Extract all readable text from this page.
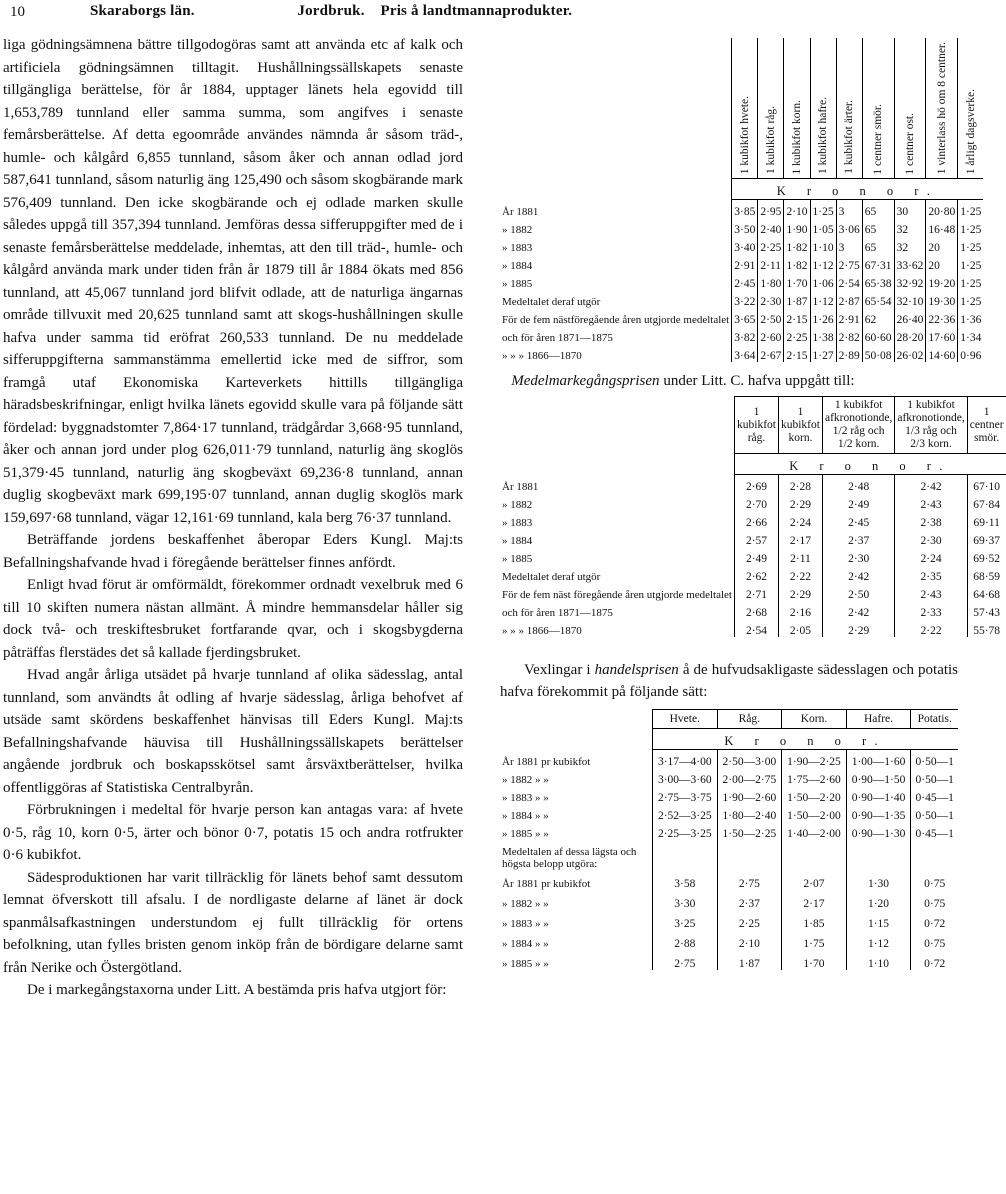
10	Skaraborgs län.	Jordbruk. Pris å landtmannaprodukter.

liga gödningsämnena bättre tillgodogöras samt att använda etc af kalk och artificiela gödningsämnen tilltagit. Hushållningssällskapets senaste tillgängliga berättelse, för år 1884, upptager länets hela egovidd till 1,653,789 tunnland eller samma summa, som angifves i senaste femårsberättelse. Af detta egoområde användes nämnda år såsom träd-, humle- och kålgård 6,855 tunnland, såsom åker och annan odlad jord 587,641 tunnland, såsom naturlig äng 125,490 och såsom skogbärande mark 576,409 tunnland. Den icke skogbärande och ej odlade marken skulle således uppgå till 357,394 tunnland. Jemföras dessa sifferuppgifter med de i senaste femårsberättelse meddelade, inhemtas, att den till träd-, humle- och kålgård använda mark under tiden från år 1879 till år 1884 ökats med 856 tunnland, att 45,067 tunnland jord blifvit odlade, att de naturliga ängarnas område tillvuxit med 20,625 tunnland samt att skogs-hushållningen skulle hafva under samma tid eröfrat 260,533 tunnland. De nu meddelade sifferuppgifterna sammanstämma emellertid icke med de siffror, som framgå utaf Ekonomiska Karteverkets hittills tillgängliga häradsbeskrifningar, enligt hvilka länets egovidd skulle vara på följande sätt fördelad: byggnadstomter 7,864·17 tunnland, trädgårdar 3,668·95 tunnland, åker och annan jord under plog 626,011·79 tunnland, naturlig äng skoglös 51,379·45 tunnland, naturlig äng skogbeväxt 69,236·8 tunnland, annan duglig skogbeväxt mark 699,195·07 tunnland, annan duglig skoglös mark 159,697·68 tunnland, vägar 12,161·69 tunnland, kala berg 76·37 tunnland.

Beträffande jordens beskaffenhet åberopar Eders Kungl. Maj:ts Befallningshafvande hvad i föregående berättelser finnes anfördt.

Enligt hvad förut är omförmäldt, förekommer ordnadt vexelbruk med 6 till 10 skiften numera nästan allmänt. Å mindre hemmansdelar håller sig dock två- och treskiftesbruket fortfarande qvar, och i skogsbygderna påträffas flerstädes det så kallade fjerdingsbruket.

Hvad angår årliga utsädet på hvarje tunnland af olika sädesslag, antal tunnland, som användts åt odling af hvarje sädesslag, årliga behofvet af utsäde samt skördens beskaffenhet hänvisas till Eders Kungl. Maj:ts Befallningshafvande häuvisa till Hushållningssällskapets berättelser angående jordbruk och boskapsskötsel samt årsväxtberättelser, hvilka offentliggöras af Statistiska Centralbyrån.

Förbrukningen i medeltal för hvarje person kan antagas vara: af hvete 0·5, råg 10, korn 0·5, ärter och bönor 0·7, potatis 15 och andra rotfrukter 0·6 kubikfot.

Sädesproduktionen har varit tillräcklig för länets behof samt dessutom lemnat öfverskott till afsalu. I de nordligaste delarne af länet är dock spanmålsafkastningen understundom ej fullt tillräcklig för ortens befolkning, utan fylles bristen genom inköp från de bördigare delarne samt från Nerike och Östergötland.

De i markegångstaxorna under Litt. A bestämda pris hafva utgjort för:

	1 kubikfot hvete.	1 kubikfot råg.	1 kubikfot korn.	1 kubikfot hafre.	1 kubikfot ärter.	1 centner smör.	1 centner ost.	1 vinterlass hö om 8 centner.	1 årligt dagsverke.

	K r o n o r.								
År 1881	3·85	2·95	2·10	1·25	3	65	30	20·80	1·25
» 1882	3·50	2·40	1·90	1·05	3·06	65	32	16·48	1·25
» 1883	3·40	2·25	1·82	1·10	3	65	32	20	1·25
» 1884	2·91	2·11	1·82	1·12	2·75	67·31	33·62	20	1·25
» 1885	2·45	1·80	1·70	1·06	2·54	65·38	32·92	19·20	1·25
Medeltalet deraf utgör	3·22	2·30	1·87	1·12	2·87	65·54	32·10	19·30	1·25
För de fem nästföregående åren utgjorde medeltalet	3·65	2·50	2·15	1·26	2·91	62	26·40	22·36	1·36
och för åren 1871—1875	3·82	2·60	2·25	1·38	2·82	60·60	28·20	17·60	1·34
» » » 1866—1870	3·64	2·67	2·15	1·27	2·89	50·08	26·02	14·60	0·96

Medelmarkegångsprisen under Litt. C. hafva uppgått till:

	1 kubikfot råg.	1 kubikfot korn.	1 kubikfot afkronotionde, 1/2 råg och 1/2 korn.	1 kubikfot afkronotionde, 1/3 råg och 2/3 korn.	1 centner smör.
	K r o n o r.				
År 1881	2·69	2·28	2·48	2·42	67·10
» 1882	2·70	2·29	2·49	2·43	67·84
» 1883	2·66	2·24	2·45	2·38	69·11
» 1884	2·57	2·17	2·37	2·30	69·37
» 1885	2·49	2·11	2·30	2·24	69·52
Medeltalet deraf utgör	2·62	2·22	2·42	2·35	68·59
För de fem näst föregående åren utgjorde medeltalet	2·71	2·29	2·50	2·43	64·68
och för åren 1871—1875	2·68	2·16	2·42	2·33	57·43
» » » 1866—1870	2·54	2·05	2·29	2·22	55·78

Vexlingar i handelsprisen å de hufvudsakligaste sädesslagen och potatis hafva förekommit på följande sätt:

	Hvete.	Råg.	Korn.	Hafre.	Potatis.
	K r o n o r.				
År 1881 pr kubikfot	3·17—4·00	2·50—3·00	1·90—2·25	1·00—1·60	0·50—1
» 1882 » »	3·00—3·60	2·00—2·75	1·75—2·60	0·90—1·50	0·50—1
» 1883 » »	2·75—3·75	1·90—2·60	1·50—2·20	0·90—1·40	0·45—1
» 1884 » »	2·52—3·25	1·80—2·40	1·50—2·00	0·90—1·35	0·50—1
» 1885 » »	2·25—3·25	1·50—2·25	1·40—2·00	0·90—1·30	0·45—1
Medeltalen af dessa lägsta och högsta belopp utgöra:					
År 1881 pr kubikfot	3·58	2·75	2·07	1·30	0·75
» 1882 » »	3·30	2·37	2·17	1·20	0·75
» 1883 » »	3·25	2·25	1·85	1·15	0·72
» 1884 » »	2·88	2·10	1·75	1·12	0·75
» 1885 » »	2·75	1·87	1·70	1·10	0·72
